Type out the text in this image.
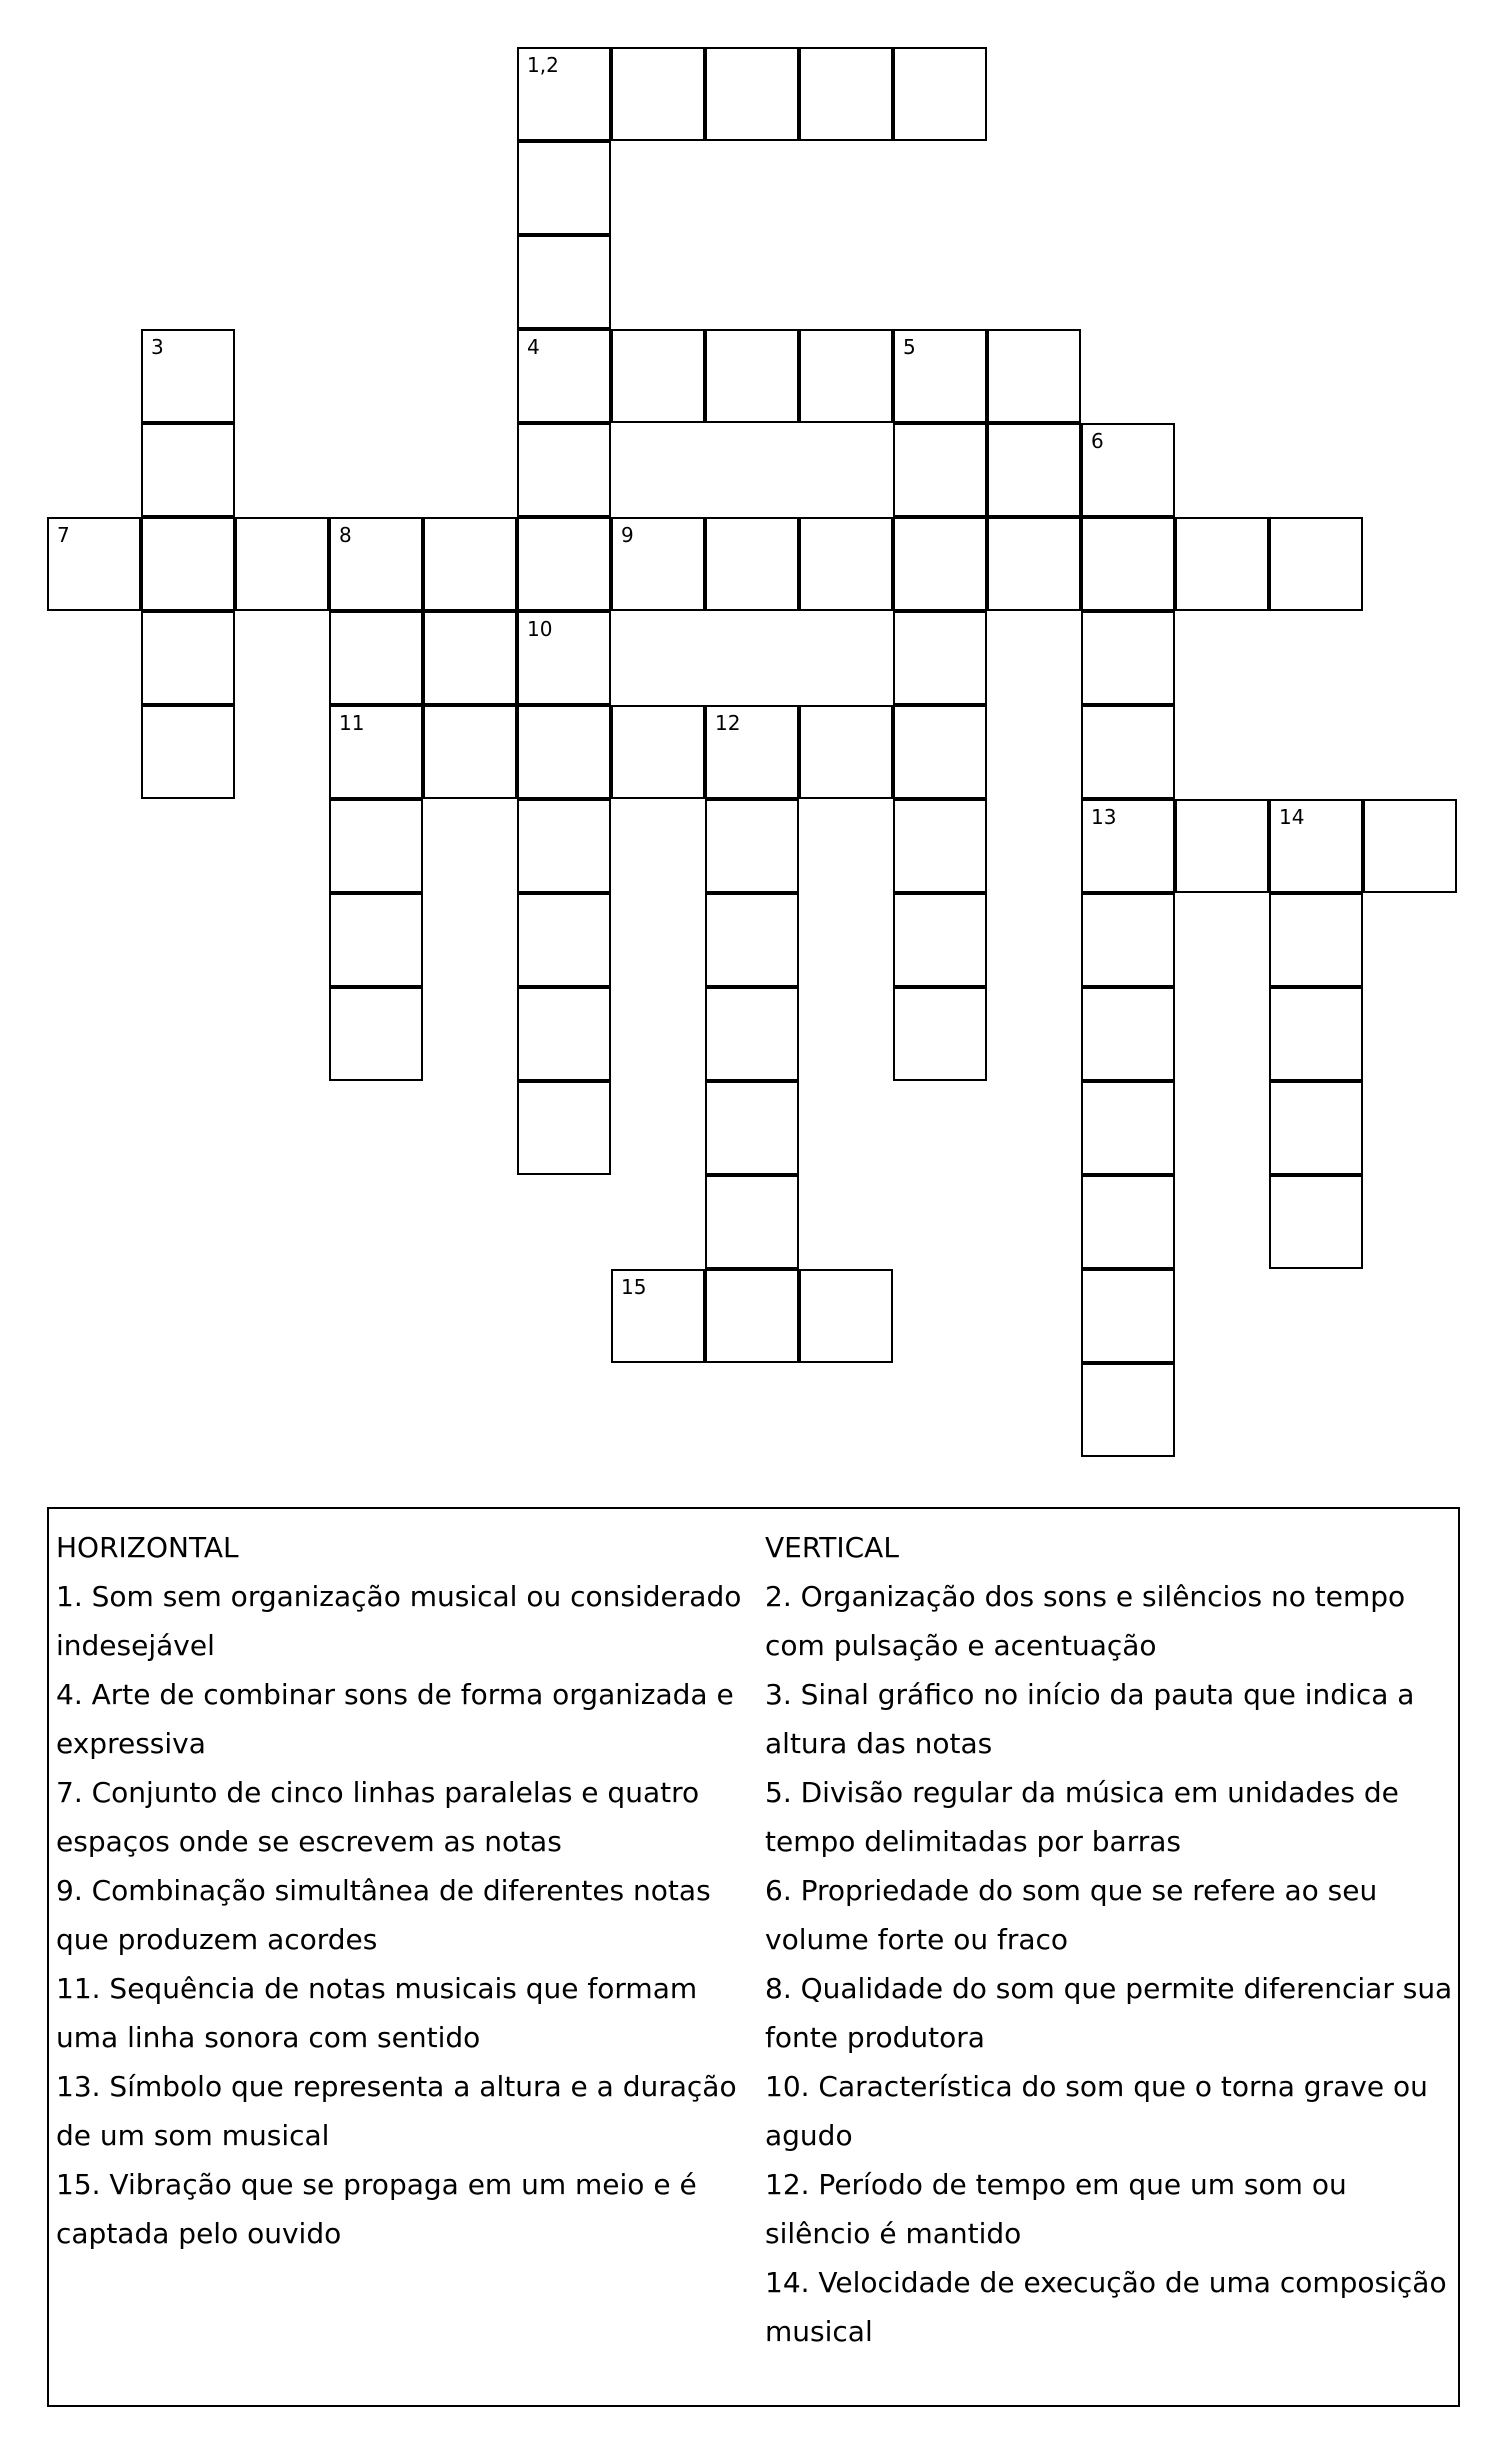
1,2
3	4	5
6
7	8	9
10
11	12
13	14
15
HORIZONTAL
1. Som sem organização musical ou considerado indesejável
4. Arte de combinar sons de forma organizada e expressiva
7. Conjunto de cinco linhas paralelas e quatro espaços onde se escrevem as notas
9. Combinação simultânea de diferentes notas que produzem acordes
11. Sequência de notas musicais que formam uma linha sonora com sentido
13. Símbolo que representa a altura e a duração de um som musical
15. Vibração que se propaga em um meio e é captada pelo ouvido
VERTICAL
2. Organização dos sons e silêncios no tempo com pulsação e acentuação
3. Sinal gráfico no início da pauta que indica a altura das notas
5. Divisão regular da música em unidades de tempo delimitadas por barras
6. Propriedade do som que se refere ao seu volume forte ou fraco
8. Qualidade do som que permite diferenciar sua fonte produtora
10. Característica do som que o torna grave ou agudo
12. Período de tempo em que um som ou silêncio é mantido
14. Velocidade de execução de uma composição musical
